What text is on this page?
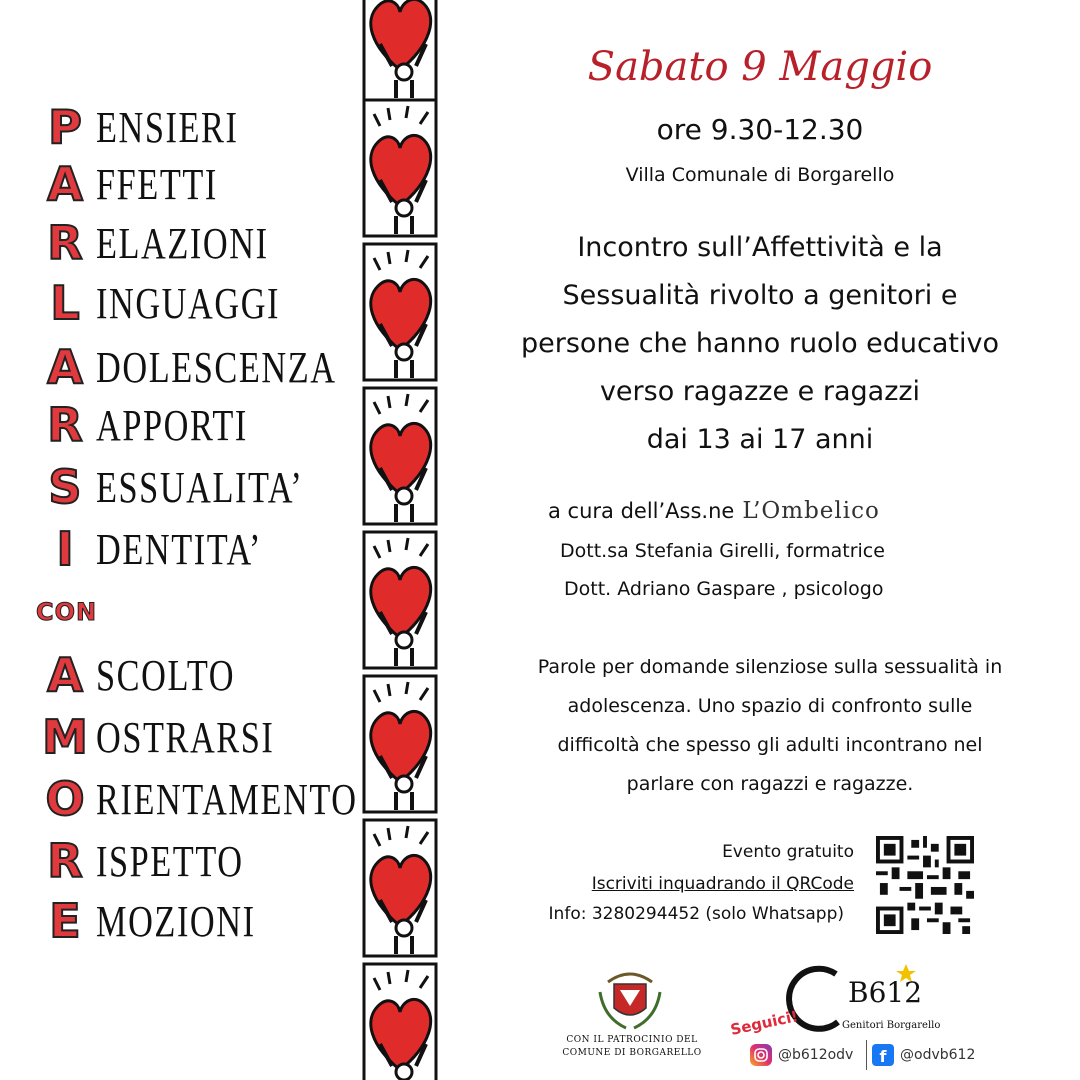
P ENSIERI
A FFETTI
R ELAZIONI
L INGUAGGI
A DOLESCENZA
R APPORTI
S ESSUALITA’
I DENTITA’
CON
A SCOLTO
M OSTRARSI
O RIENTAMENTO
R ISPETTO
E MOZIONI
Sabato 9 Maggio
ore 9.30-12.30
Villa Comunale di Borgarello
Incontro sull’Affettività e la
Sessualità rivolto a genitori e
persone che hanno ruolo educativo
verso ragazze e ragazzi
dai 13 ai 17 anni
a cura dell’Ass.ne L’Ombelico
Dott.sa Stefania Girelli, formatrice
Dott. Adriano Gaspare , psicologo
Parole per domande silenziose sulla sessualità in
adolescenza. Uno spazio di confronto sulle
difficoltà che spesso gli adulti incontrano nel
parlare con ragazzi e ragazze.
Evento gratuito
Iscriviti inquadrando il QRCode
Info: 3280294452 (solo Whatsapp)
CON IL PATROCINIO DEL
COMUNE DI BORGARELLO
B612
Genitori Borgarello
Seguici!
@b612odv	f @odvb612
